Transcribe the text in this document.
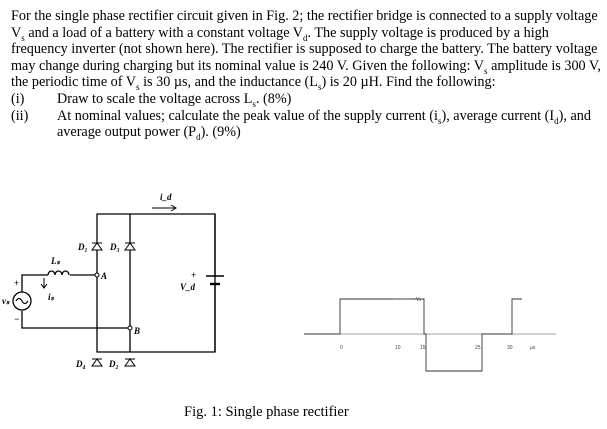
For the single phase rectifier circuit given in Fig. 2; the rectifier bridge is connected to a supply voltage $V_s$ and a load of a battery with a constant voltage $V_d$. The supply voltage is produced by a high frequency inverter (not shown here). The rectifier is supposed to charge the battery. The battery voltage may change during charging but its nominal value is 240 V. Given the following: $V_s$ amplitude is 300 V, the periodic time of $V_s$ is 30 µs, and the inductance $(L_s)$ is 20 µH. Find the following:

(i)	Draw to scale the voltage across $L_s$. (8%)
(ii)	At nominal values; calculate the peak value of the supply current $(i_s)$, average current $(I_d)$, and average output power $(P_d)$. (9%)
D₁ D₃
D₄	D₂
Lₛ
iₛ
vₛ
A
B
i_d
V_d
+
+
−
Vₛ
0	10	15	25	30	µs
Fig. 1: Single phase rectifier
